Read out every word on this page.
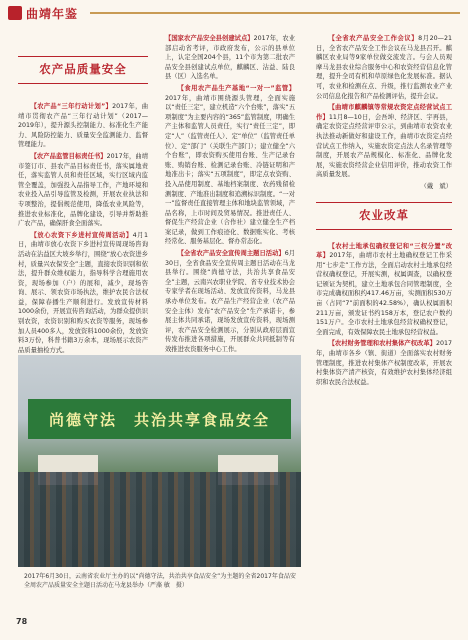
曲靖年鉴
农产品质量安全

【农产品“三年行动计划”】2017年，曲靖市贯彻农产品“三年行动计划”（2017—2019年），提升源头控制能力、标准化生产能力、风险防控能力、质量安全监测能力、监督管理能力。

【农产品监管目标责任书】2017年，曲靖市签订市、县农产品目标责任书，落实属地责任，落实监管人员和责任区域，实行区域内监管全覆盖，加强投入品指导工作，产地环境和农业投入品引导监管及检测，开展农业执法和专项整治，提倡规范使用，降低农业风险等，推进农业标准化，品牌化建设，引导并帮助推广农产品，确保肝食全面落实。

【放心农资下乡进村宣传周活动】4月1日，曲靖市放心农资下乡进村宣传周现场咨询活动在沾益区大坡乡举行，围绕“放心农资进乡村，质量兴农保安全”主题，直接农资识别和依法，提升群众维权能力，指导科学合理施用农资，现场参加（户）的展和，减少，现场咨询、展示、领农资市场执法，维护农民合法权益，保障春播生产顺利进行。发放宣传材料1000余份，开展宣传咨询活动，为群众提供识别农资，农资识别和购买农资等服务，现场参加人员400多人，发放资料1000余份，发放资料3万份，科普书籍3万余本，现场展示农资产品质量抽检方式。

【国家农产品安全县创建试点】2017年，农业部启动省考评，市政府发布，公示的县单位上，认定全国204个县，11个市为第二批农产品安全县创建试点单位，麒麟区、沾益、陆良县（区）入选名单。

【食用农产品生产基地“一对一”监管】2017年，曲靖市围绕源头管理，全面实施以“责任三定”，建立机造“六个台账”，落实“五项制度”为主要内容的“365”监管制度，明确生产主体和监管人员责任，实行“责任三定”，即定“人”（监管责任人）、定“单位”（监管责任单位）、定“部门”（关联生产部门）；建立健全“六个台账”，即农资购买使用台账、生产记录台账、购销台账、检测记录台账、冷链证明和产地准出卡；落实“五项制度”，即定点农资购、投入品使用制度、基地档案制度、农药残留检测制度、产地准出制度和追溯标识制度。“一对一”监督责任直接管理主体和地块监管领域，产品名称，上市时间及贸易情况。推进责任人、督促生产经营企业（合作社）建立健全生产档案记录，做到工作痕迹化、数据账实化、考核经常化、服务基层化、督办常态化。

【全省农产品安全宣传周主题日活动】6月30日，全省食品安全宣传周主题日活动在马龙县举行。围绕“尚德守法，共治共享食品安全”主题，云南兴农职业学院、省专业技术协会专家学者在现场活动、发放宣传资料，马龙县承办单位发布。农产品生产经营企业（农产品安全主体）发布“农产品安全”生产承诺卡，参展主体共同承诺，现场发放宣传资料，现场测评，农产品安全检测展示，分别从政府层面宣传发布推进各项措施，开展群众共同抵制等有效推进农资服务中心工作。

【全省农产品安全工作会议】8月20—21日，全省农产品安全工作会议在马龙县召开。麒麟区农业局等9家单位做交流发言。与会人员观摩马龙县农业综合服务中心和农资经营信息化管理，提升全司有机和草原绿色化发展标准。据认可，农业和检测在点、升级，推行监测农业产业公司信息化报告和产品检测评估，提升会议。

【曲靖市麒麟镇等常规农资定点经营试点工作】11月8—10日，会吾坤、经济区、宇再县，确定农资定点经营评审公示，到曲靖市农资农业执法推动新做好和建设工作，曲靖市农资定点经营试点工作纳入，实施农资定点法人名录管理等制度，开展农产品规模化、标准化、品牌化发展，实施农资经营企业信用评价，推动农资工作高质量发展。

（戴　斌）
农业改革

【农村土地承包确权登记和“三权分置”改革】2017年，曲靖市农村土地确权登记工作采用“七步走”工作方法，全面启动农村土地承包经营权确权登记，开展实测，权属调查，以确权登记颁证为契机，建立土地承包合同管理制度，全市完成确权面积约417.46万亩，实测面积530万亩（占同“7”前面积的42.58%），确认权属面积211万亩，颁发证书约158万本，登记农户数约151万户。全市农村土地承包经营权确权登记，全面完成，有效保障农民土地承包经营权益。

【农村财务管理和农村集体产权改革】2017年，曲靖市各乡（镇、街道）全面落实农村财务管理制度，推进农村集体产权制度改革，开展农村集体资产清产核资，有效维护农村集体经济组织和农民合法权益。

尚德守法　共治共享食品安全
2017年6月30日，云南省农业厅主办的以“尚德守法，共治共享食品安全”为主题的全省2017年食品安全周农产品质量安全主题日活动在马龙县举办（严藻 敏　摄）
78
